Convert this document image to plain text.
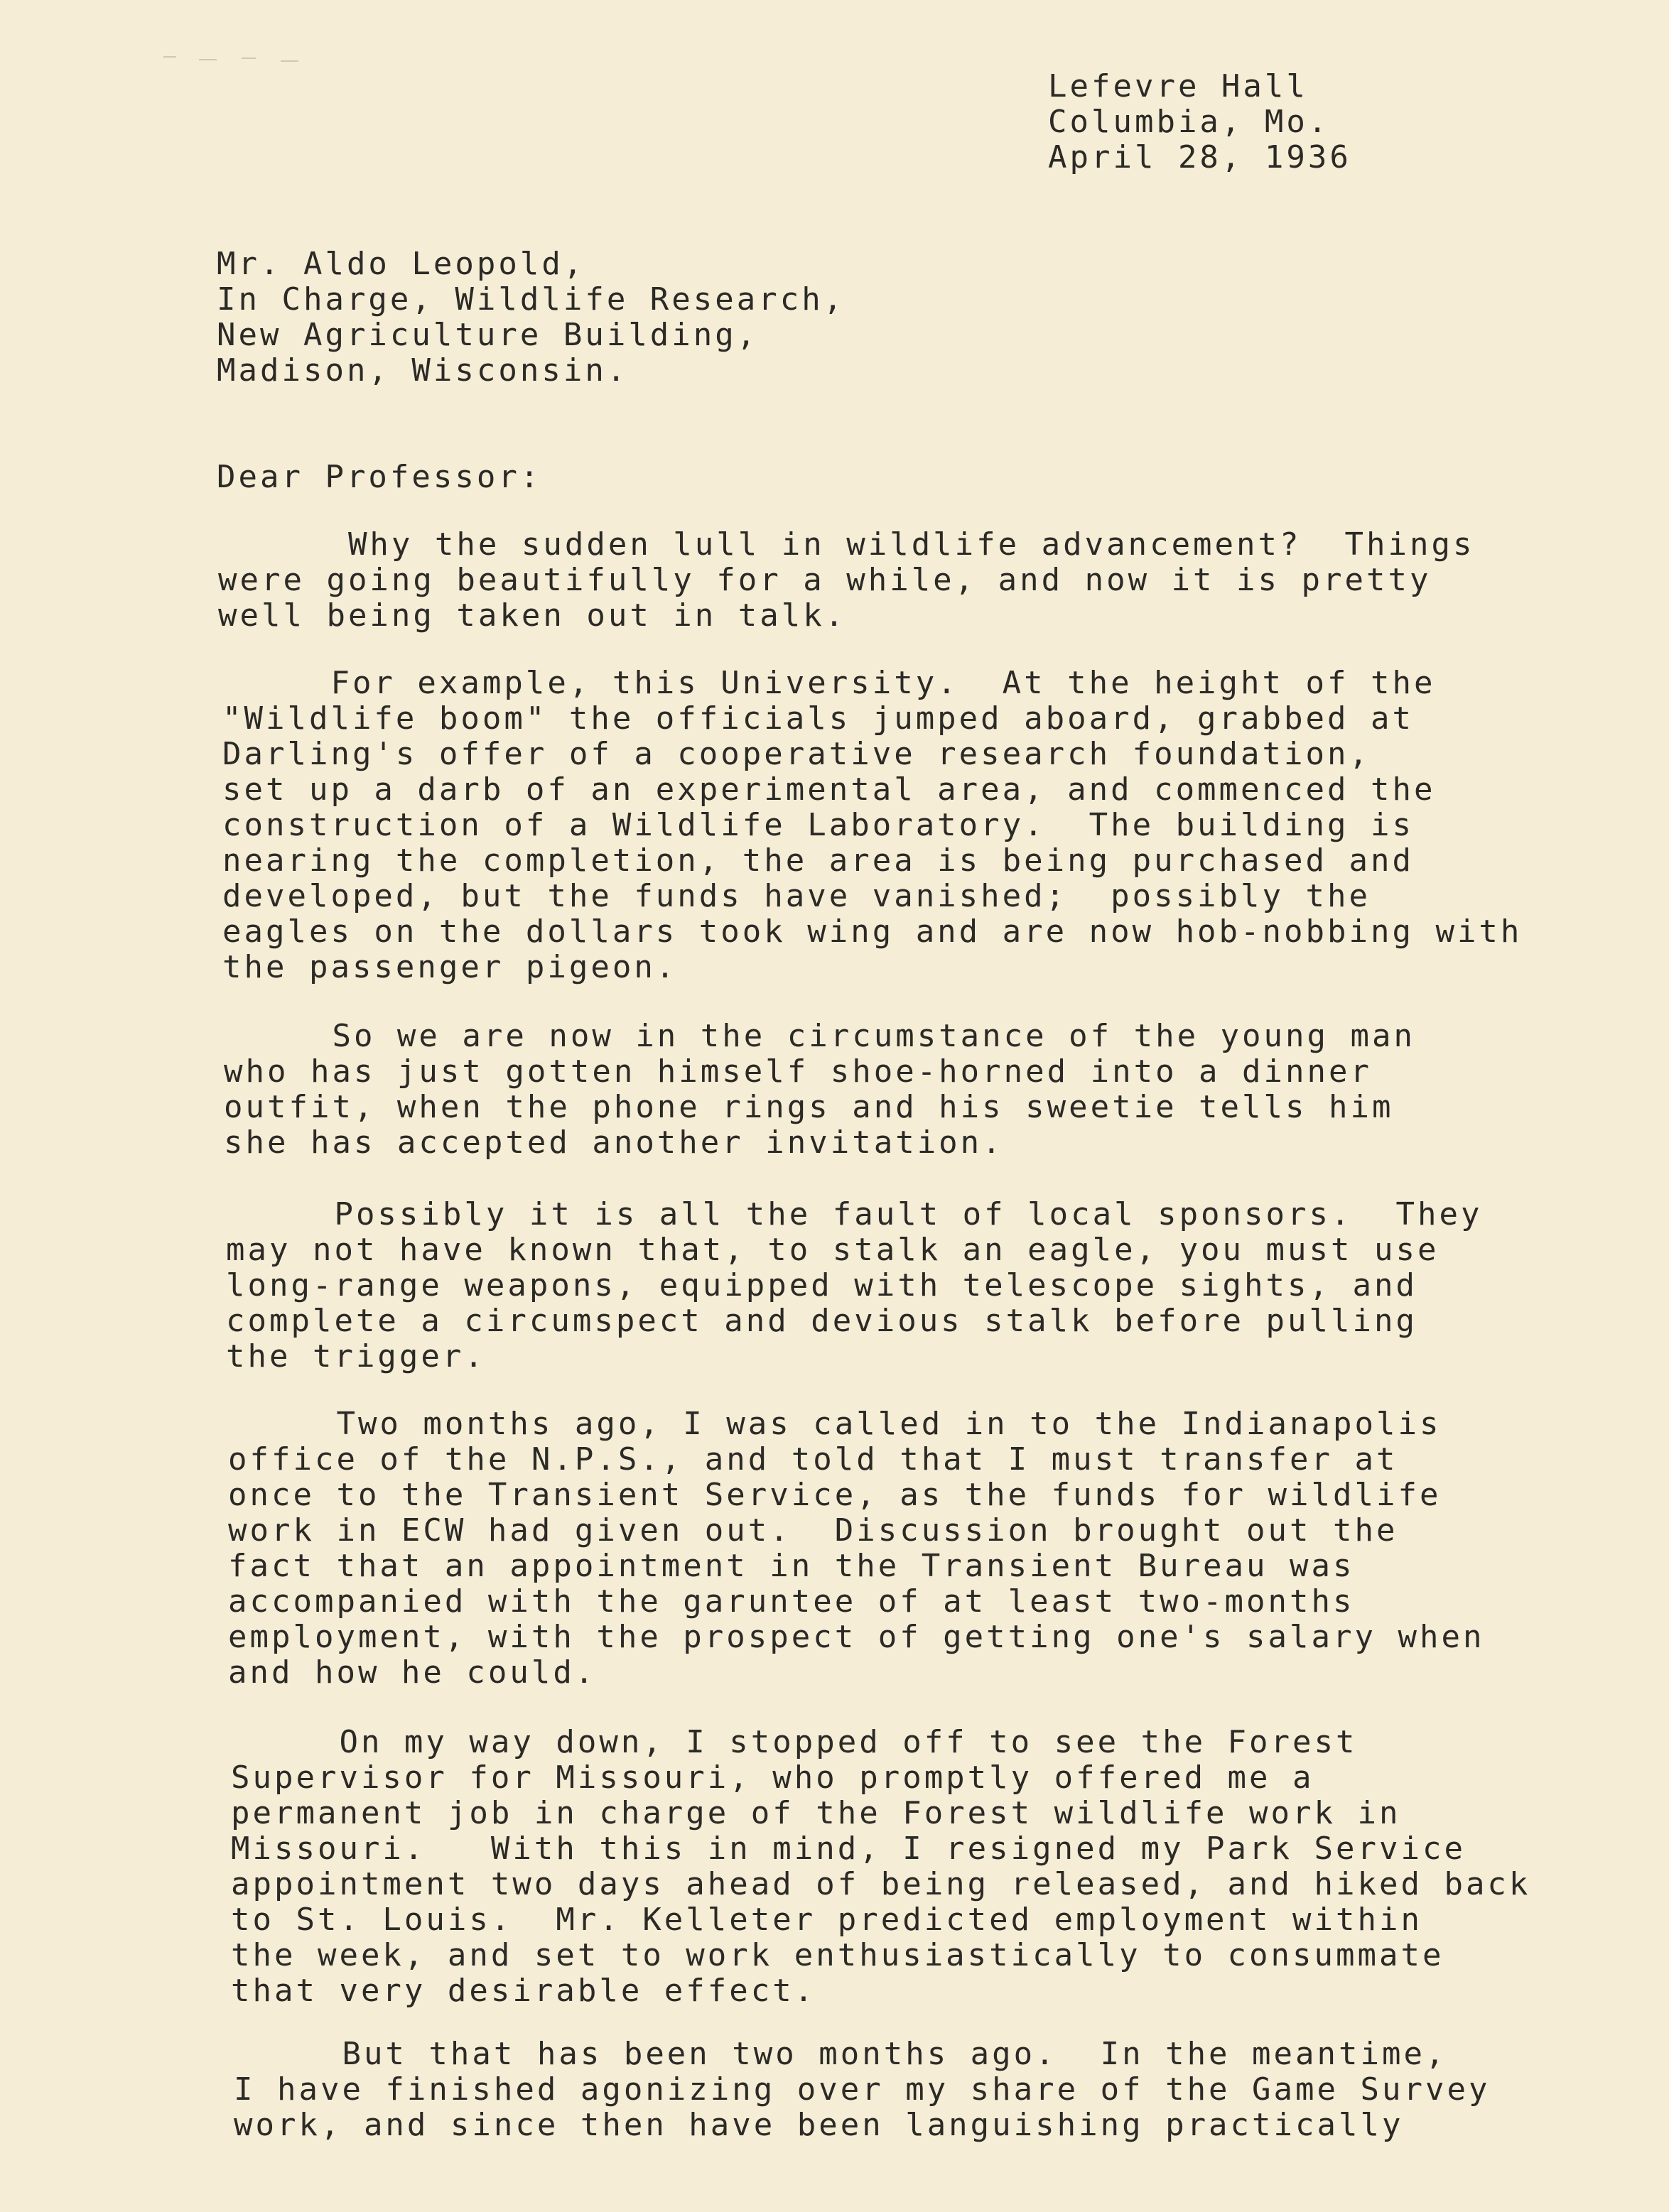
Lefevre Hall
Columbia, Mo.
April 28, 1936
Mr. Aldo Leopold,
In Charge, Wildlife Research,
New Agriculture Building,
Madison, Wisconsin.
Dear Professor:
Why the sudden lull in wildlife advancement?  Things
were going beautifully for a while, and now it is pretty
well being taken out in talk.
For example, this University.  At the height of the
"Wildlife boom" the officials jumped aboard, grabbed at
Darling's offer of a cooperative research foundation,
set up a darb of an experimental area, and commenced the
construction of a Wildlife Laboratory.  The building is
nearing the completion, the area is being purchased and
developed, but the funds have vanished;  possibly the
eagles on the dollars took wing and are now hob-nobbing with
the passenger pigeon.
So we are now in the circumstance of the young man
who has just gotten himself shoe-horned into a dinner
outfit, when the phone rings and his sweetie tells him
she has accepted another invitation.
Possibly it is all the fault of local sponsors.  They
may not have known that, to stalk an eagle, you must use
long-range weapons, equipped with telescope sights, and
complete a circumspect and devious stalk before pulling
the trigger.
Two months ago, I was called in to the Indianapolis
office of the N.P.S., and told that I must transfer at
once to the Transient Service, as the funds for wildlife
work in ECW had given out.  Discussion brought out the
fact that an appointment in the Transient Bureau was
accompanied with the garuntee of at least two-months
employment, with the prospect of getting one's salary when
and how he could.
On my way down, I stopped off to see the Forest
Supervisor for Missouri, who promptly offered me a
permanent job in charge of the Forest wildlife work in
Missouri.   With this in mind, I resigned my Park Service
appointment two days ahead of being released, and hiked back
to St. Louis.  Mr. Kelleter predicted employment within
the week, and set to work enthusiastically to consummate
that very desirable effect.
But that has been two months ago.  In the meantime,
I have finished agonizing over my share of the Game Survey
work, and since then have been languishing practically
